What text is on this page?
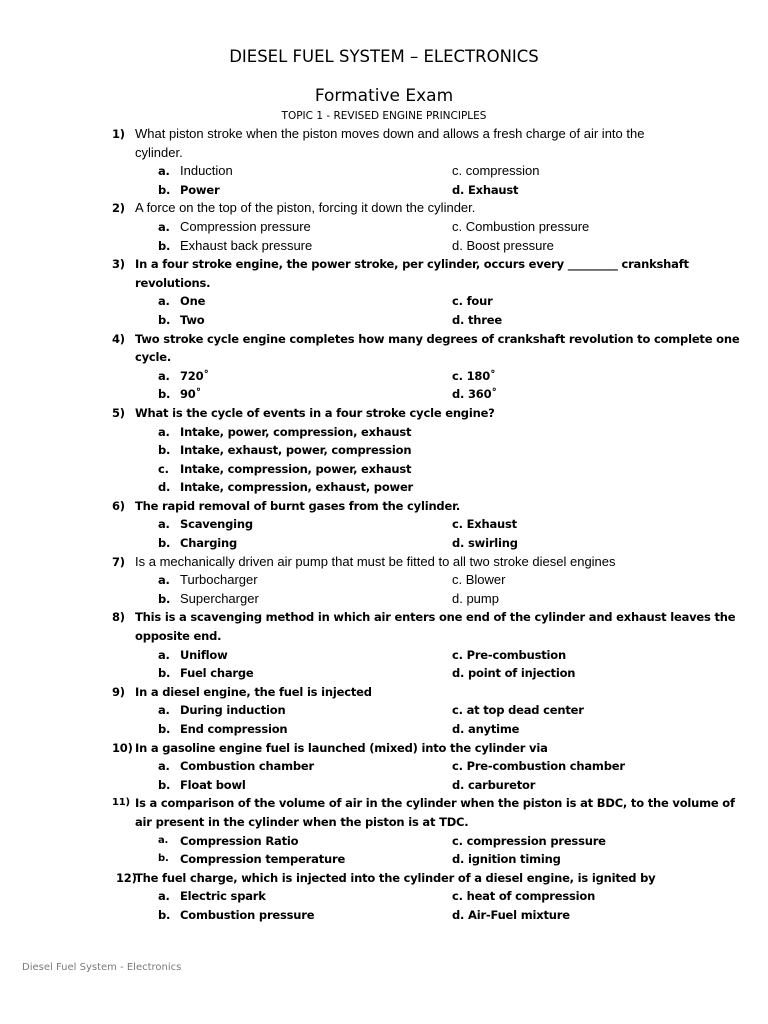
DIESEL FUEL SYSTEM – ELECTRONICS
Formative Exam
TOPIC 1 - REVISED ENGINE PRINCIPLES
1) What piston stroke when the piston moves down and allows a fresh charge of air into the
cylinder.
a. Induction	c. compression
b. Power	d. Exhaust
2) A force on the top of the piston, forcing it down the cylinder.
a. Compression pressure	c. Combustion pressure
b. Exhaust back pressure	d. Boost pressure
3) In a four stroke engine, the power stroke, per cylinder, occurs every _________ crankshaft
revolutions.
a. One	c. four
b. Two	d. three
4) Two stroke cycle engine completes how many degrees of crankshaft revolution to complete one
cycle.
a. 720˚	c. 180˚
b. 90˚	d. 360˚
5) What is the cycle of events in a four stroke cycle engine?
a. Intake, power, compression, exhaust
b. Intake, exhaust, power, compression
c. Intake, compression, power, exhaust
d. Intake, compression, exhaust, power
6) The rapid removal of burnt gases from the cylinder.
a. Scavenging	c. Exhaust
b. Charging	d. swirling
7) Is a mechanically driven air pump that must be fitted to all two stroke diesel engines
a. Turbocharger	c. Blower
b. Supercharger	d. pump
8) This is a scavenging method in which air enters one end of the cylinder and exhaust leaves the
opposite end.
a. Uniflow	c. Pre-combustion
b. Fuel charge	d. point of injection
9) In a diesel engine, the fuel is injected
a. During induction	c. at top dead center
b. End compression	d. anytime
10) In a gasoline engine fuel is launched (mixed) into the cylinder via
a. Combustion chamber	c. Pre-combustion chamber
b. Float bowl	d. carburetor
11) Is a comparison of the volume of air in the cylinder when the piston is at BDC, to the volume of
air present in the cylinder when the piston is at TDC.
a. Compression Ratio	c. compression pressure
b. Compression temperature	d. ignition timing
12)
The fuel charge, which is injected into the cylinder of a diesel engine, is ignited by
a. Electric spark	c. heat of compression
b. Combustion pressure	d. Air-Fuel mixture
Diesel Fuel System - Electronics
